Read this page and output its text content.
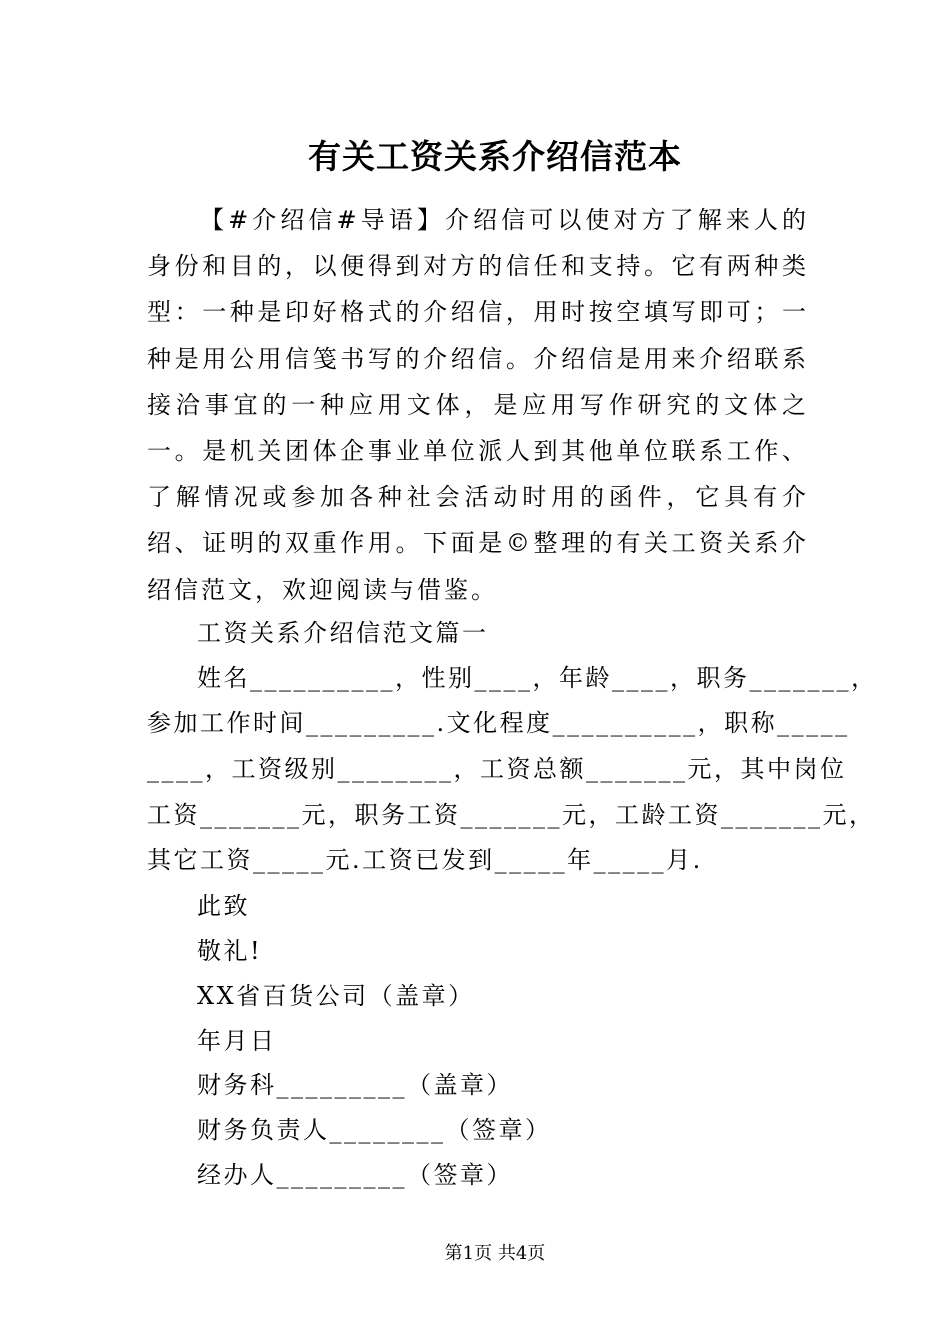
有关工资关系介绍信范本

【#介绍信#导语】介绍信可以使对方了解来人的身份和目的，以便得到对方的信任和支持。它有两种类型：一种是印好格式的介绍信，用时按空填写即可；一种是用公用信笺书写的介绍信。介绍信是用来介绍联系接洽事宜的一种应用文体，是应用写作研究的文体之一。是机关团体企事业单位派人到其他单位联系工作、了解情况或参加各种社会活动时用的函件，它具有介绍、证明的双重作用。下面是©整理的有关工资关系介绍信范文，欢迎阅读与借鉴。

工资关系介绍信范文篇一
姓名__________，性别____，年龄____，职务_______，
参加工作时间_________.文化程度__________，职称_____
____，工资级别________，工资总额_______元，其中岗位
工资_______元，职务工资_______元，工龄工资_______元，
其它工资_____元.工资已发到_____年_____月.
此致
敬礼!
XX省百货公司（盖章）
年月日
财务科_________（盖章）
财务负责人________（签章）
经办人_________（签章）
第1页 共4页
